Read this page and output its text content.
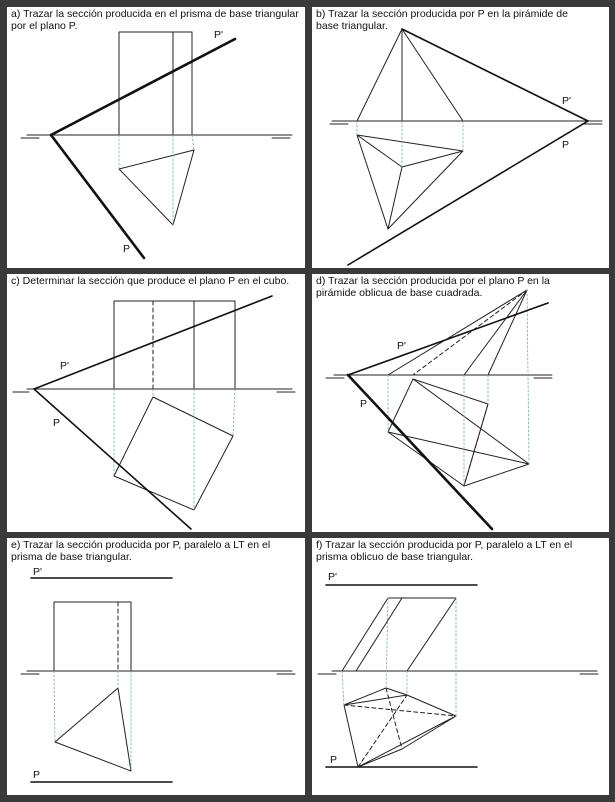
a) Trazar la sección producida en el prisma de base triangular
por el plano P.
P'
P
b) Trazar la sección producida por P en la pirámide de
base triangular.
P'
P
c) Determinar la sección que produce el plano P en el cubo.
P'
P
d) Trazar la sección producida por el plano P en la
pirámide oblicua de base cuadrada.
P'
P
e) Trazar la sección producida por P, paralelo a LT en el
prisma de base triangular.
P'
P
f) Trazar la sección producida por P, paralelo a LT en el
prisma oblicuo de base triangular.
P'
P
